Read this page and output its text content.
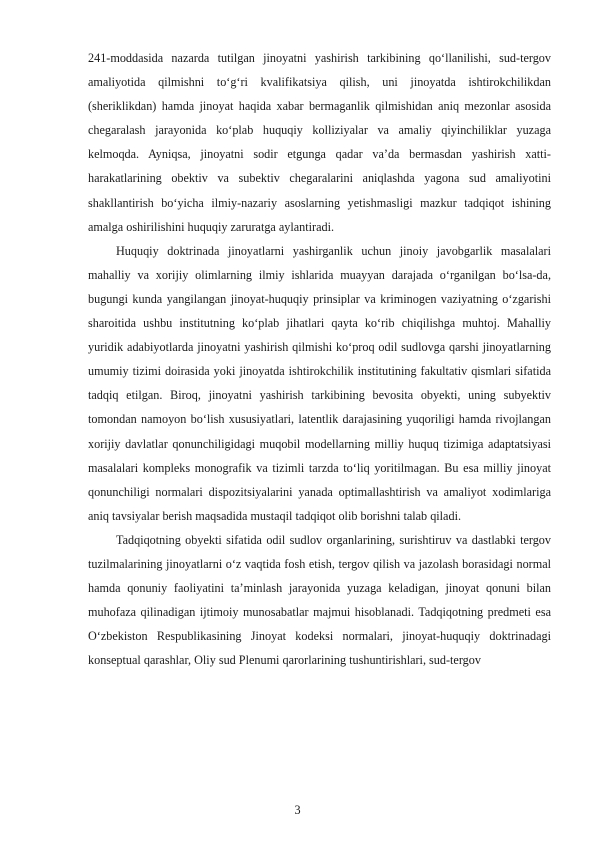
241-moddasida nazarda tutilgan jinoyatni yashirish tarkibining qo‘llanilishi, sud-tergov amaliyotida qilmishni to‘g‘ri kvalifikatsiya qilish, uni jinoyatda ishtirokchilikdan (sheriklikdan) hamda jinoyat haqida xabar bermaganlik qilmishidan aniq mezonlar asosida chegaralash jarayonida ko‘plab huquqiy kolliziyalar va amaliy qiyinchiliklar yuzaga kelmoqda. Ayniqsa, jinoyatni sodir etgunga qadar va’da bermasdan yashirish xatti-harakatlarining obektiv va subektiv chegaralarini aniqlashda yagona sud amaliyotini shakllantirish bo‘yicha ilmiy-nazariy asoslarning yetishmasligi mazkur tadqiqot ishining amalga oshirilishini huquqiy zaruratga aylantiradi.

Huquqiy doktrinada jinoyatlarni yashirganlik uchun jinoiy javobgarlik masalalari mahalliy va xorijiy olimlarning ilmiy ishlarida muayyan darajada o‘rganilgan bo‘lsa-da, bugungi kunda yangilangan jinoyat-huquqiy prinsiplar va kriminogen vaziyatning o‘zgarishi sharoitida ushbu institutning ko‘plab jihatlari qayta ko‘rib chiqilishga muhtoj. Mahalliy yuridik adabiyotlarda jinoyatni yashirish qilmishi ko‘proq odil sudlovga qarshi jinoyatlarning umumiy tizimi doirasida yoki jinoyatda ishtirokchilik institutining fakultativ qismlari sifatida tadqiq etilgan. Biroq, jinoyatni yashirish tarkibining bevosita obyekti, uning subyektiv tomondan namoyon bo‘lish xususiyatlari, latentlik darajasining yuqoriligi hamda rivojlangan xorijiy davlatlar qonunchiligidagi muqobil modellarning milliy huquq tizimiga adaptatsiyasi masalalari kompleks monografik va tizimli tarzda to‘liq yoritilmagan. Bu esa milliy jinoyat qonunchiligi normalari dispozitsiyalarini yanada optimallashtirish va amaliyot xodimlariga aniq tavsiyalar berish maqsadida mustaqil tadqiqot olib borishni talab qiladi.

Tadqiqotning obyekti sifatida odil sudlov organlarining, surishtiruv va dastlabki tergov tuzilmalarining jinoyatlarni o‘z vaqtida fosh etish, tergov qilish va jazolash borasidagi normal hamda qonuniy faoliyatini ta’minlash jarayonida yuzaga keladigan, jinoyat qonuni bilan muhofaza qilinadigan ijtimoiy munosabatlar majmui hisoblanadi. Tadqiqotning predmeti esa O‘zbekiston Respublikasining Jinoyat kodeksi normalari, jinoyat-huquqiy doktrinadagi konseptual qarashlar, Oliy sud Plenumi qarorlarining tushuntirishlari, sud-tergov

3
